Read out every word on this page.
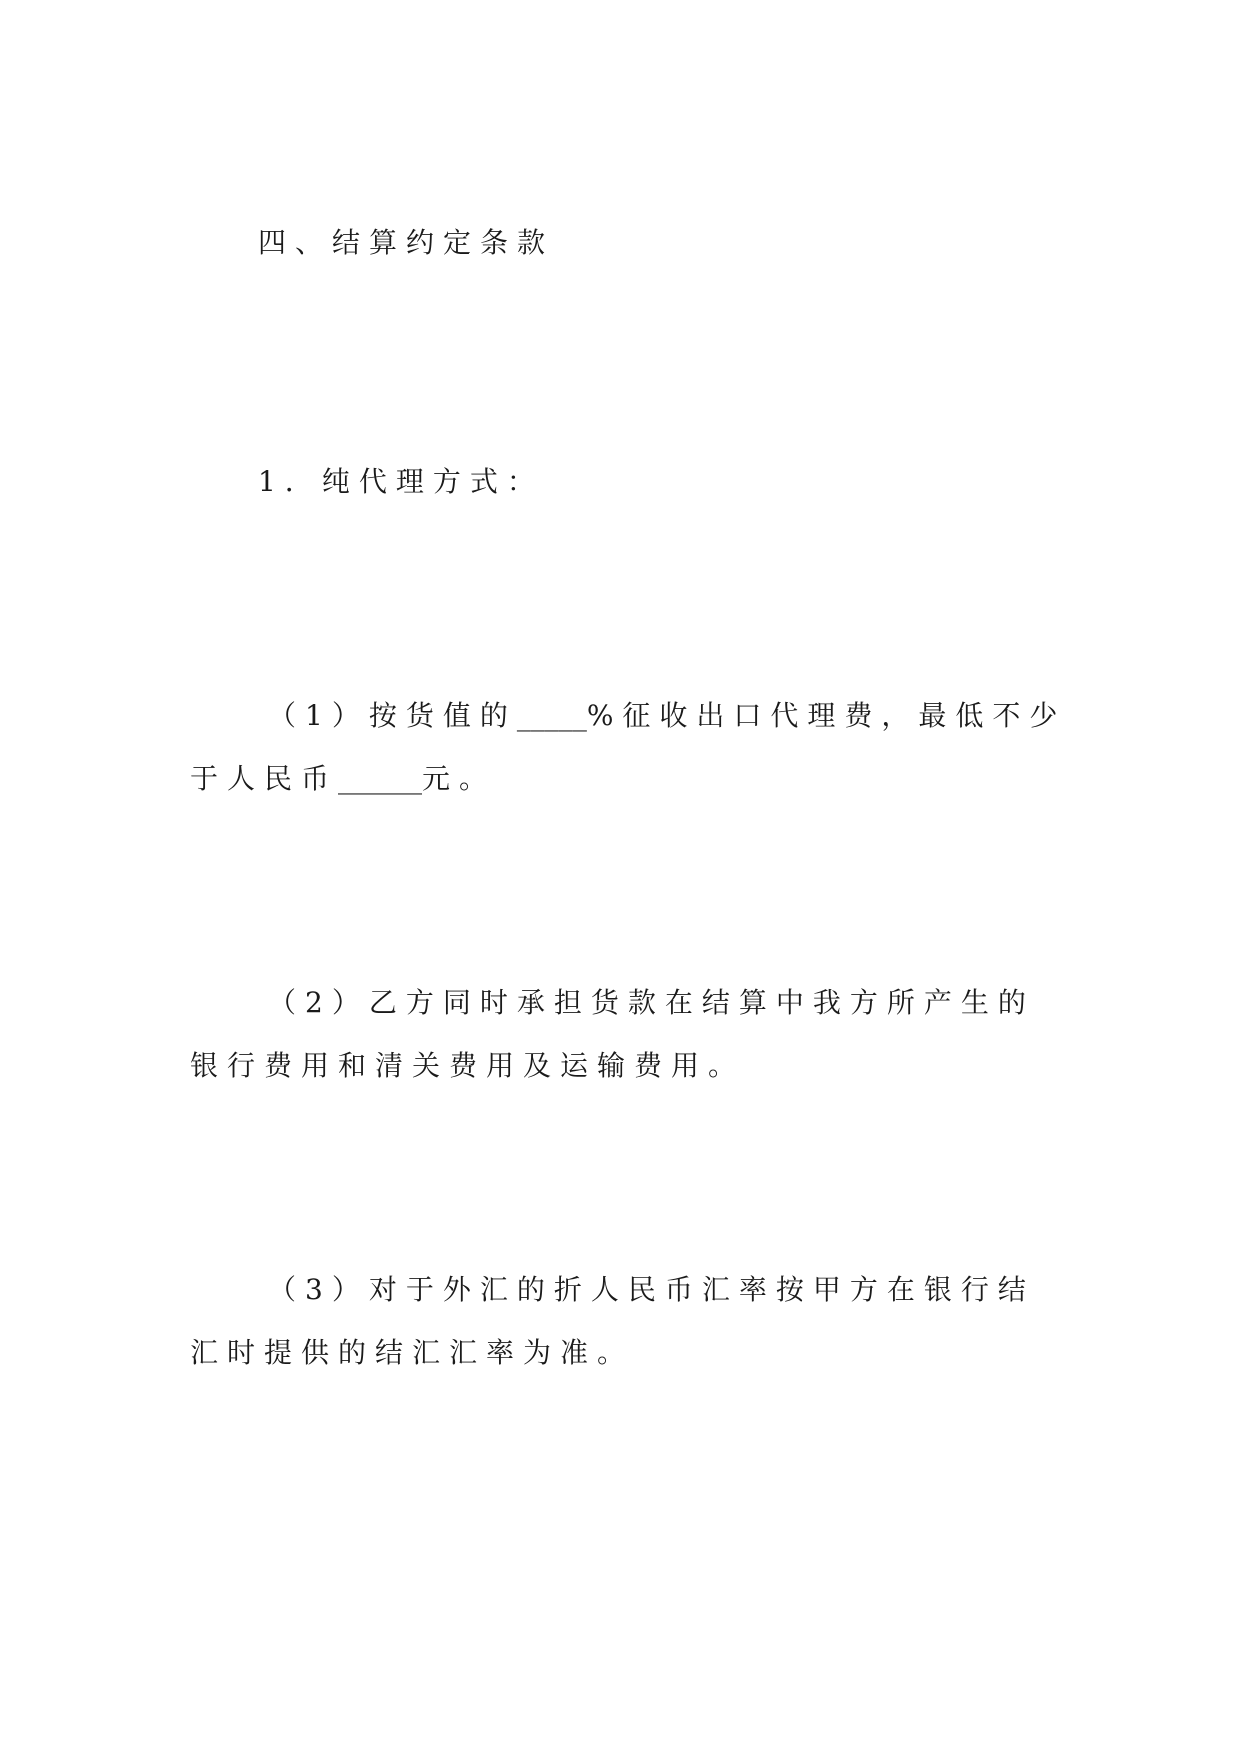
四、结算约定条款
1．纯代理方式：
（1）按货值的_____%征收出口代理费，最低不少于人民币______元。
（2）乙方同时承担货款在结算中我方所产生的银行费用和清关费用及运输费用。
（3）对于外汇的折人民币汇率按甲方在银行结汇时提供的结汇汇率为准。
